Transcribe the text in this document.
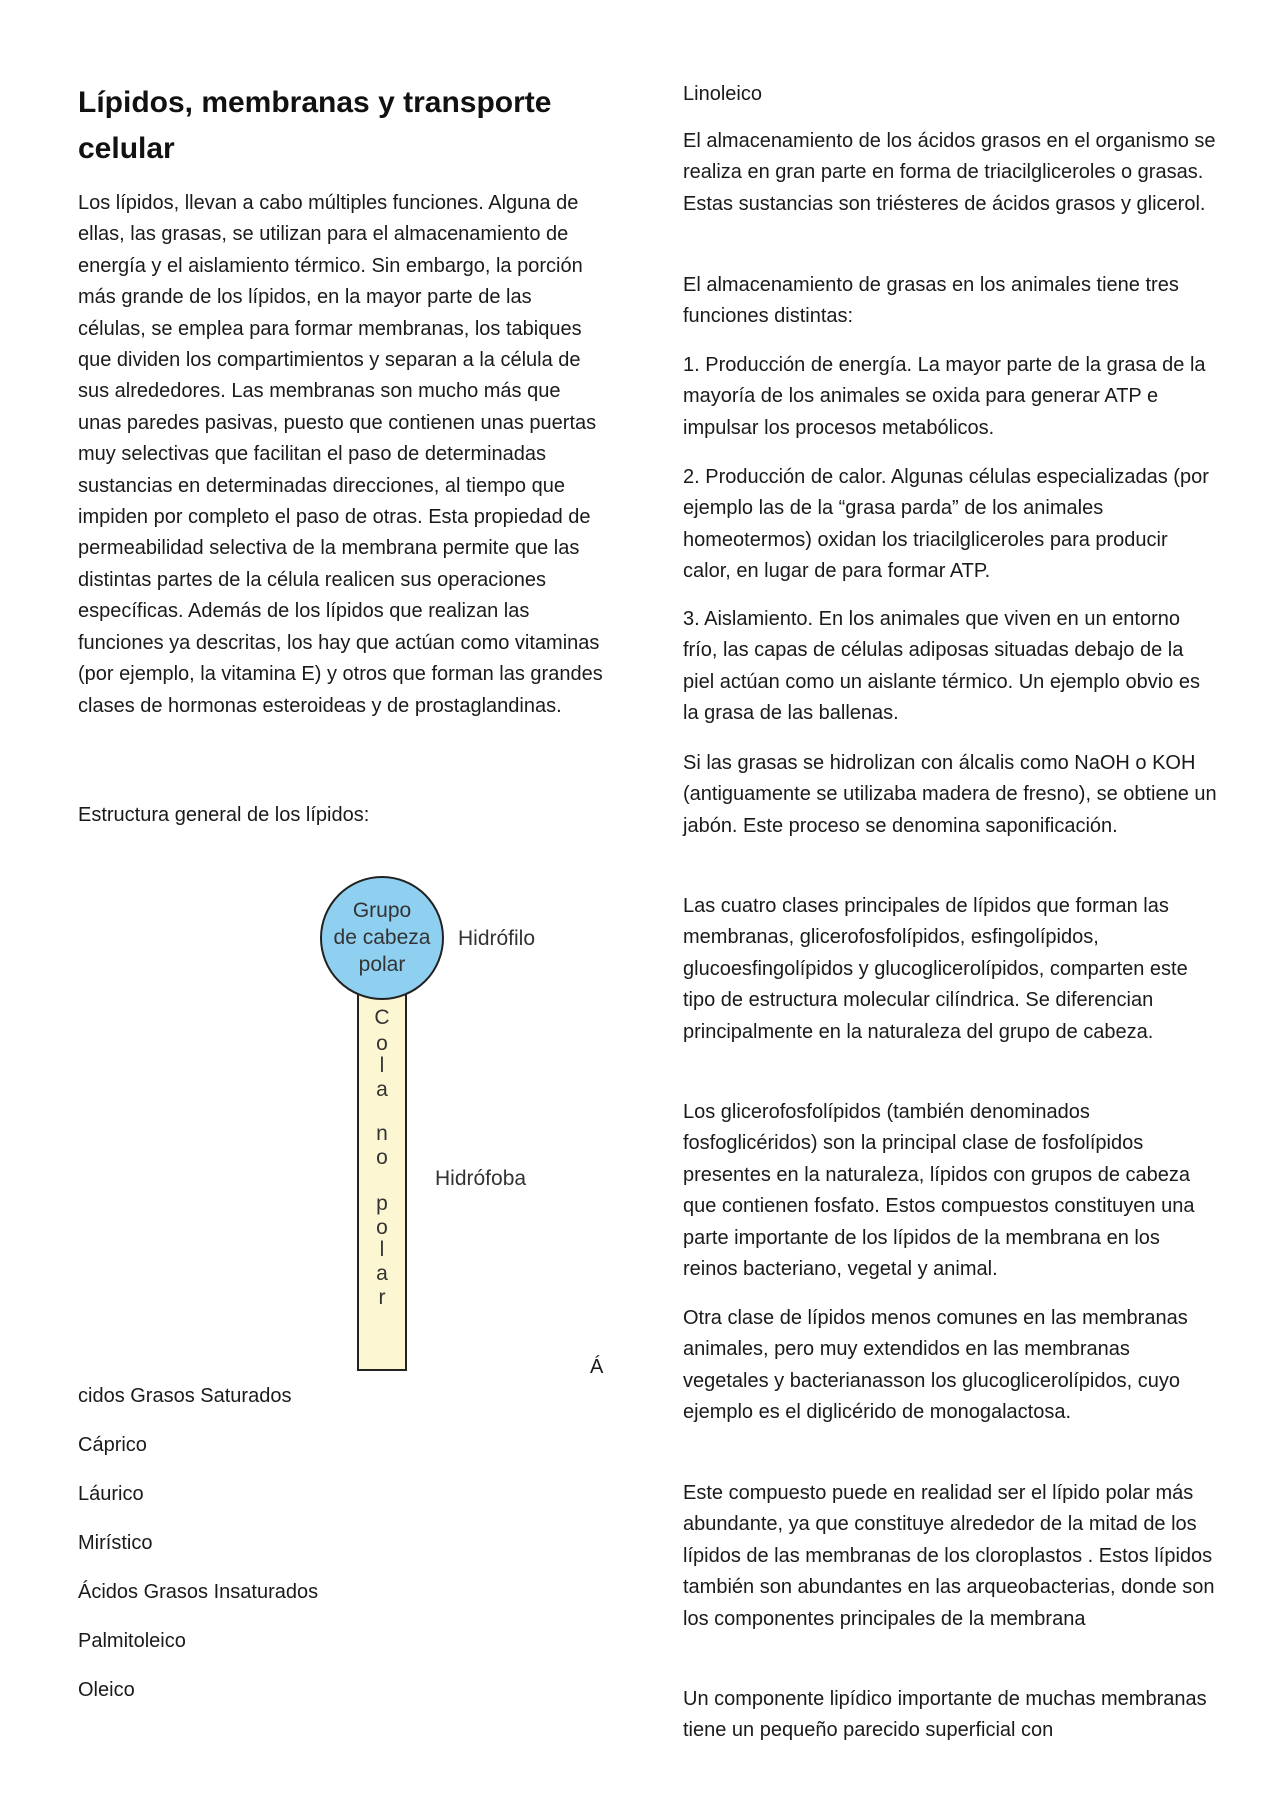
Lípidos, membranas y transporte celular

Los lípidos, llevan a cabo múltiples funciones. Alguna de ellas, las grasas, se utilizan para el almacenamiento de energía y el aislamiento térmico. Sin embargo, la porción más grande de los lípidos, en la mayor parte de las células, se emplea para formar membranas, los tabiques que dividen los compartimientos y separan a la célula de sus alrededores. Las membranas son mucho más que unas paredes pasivas, puesto que contienen unas puertas muy selectivas que facilitan el paso de determinadas sustancias en determinadas direcciones, al tiempo que impiden por completo el paso de otras. Esta propiedad de permeabilidad selectiva de la membrana permite que las distintas partes de la célula realicen sus operaciones específicas. Además de los lípidos que realizan las funciones ya descritas, los hay que actúan como vitaminas (por ejemplo, la vitamina E) y otros que forman las grandes clases de hormonas esteroideas y de prostaglandinas.

Estructura general de los lípidos:

Grupo
de cabeza
polar
Hidrófilo
Hidrófoba
C
o
l
a
n
o
p
o
l
a
r
Á

cidos Grasos Saturados

Cáprico

Láurico

Mirístico

Ácidos Grasos Insaturados

Palmitoleico

Oleico

Linoleico

El almacenamiento de los ácidos grasos en el organismo se realiza en gran parte en forma de triacilgliceroles o grasas. Estas sustancias son triésteres de ácidos grasos y glicerol.

El almacenamiento de grasas en los animales tiene tres funciones distintas:

1. Producción de energía. La mayor parte de la grasa de la mayoría de los animales se oxida para generar ATP e impulsar los procesos metabólicos.

2. Producción de calor. Algunas células especializadas (por ejemplo las de la “grasa parda” de los animales homeotermos) oxidan los triacilgliceroles para producir calor, en lugar de para formar ATP.

3. Aislamiento. En los animales que viven en un entorno frío, las capas de células adiposas situadas debajo de la piel actúan como un aislante térmico. Un ejemplo obvio es la grasa de las ballenas.

Si las grasas se hidrolizan con álcalis como NaOH o KOH (antiguamente se utilizaba madera de fresno), se obtiene un jabón. Este proceso se denomina saponificación.

Las cuatro clases principales de lípidos que forman las membranas, glicerofosfolípidos, esfingolípidos, glucoesfingolípidos y glucoglicerolípidos, comparten este tipo de estructura molecular cilíndrica. Se diferencian principalmente en la naturaleza del grupo de cabeza.

Los glicerofosfolípidos (también denominados fosfoglicéridos) son la principal clase de fosfolípidos presentes en la naturaleza, lípidos con grupos de cabeza que contienen fosfato. Estos compuestos constituyen una parte importante de los lípidos de la membrana en los reinos bacteriano, vegetal y animal.

Otra clase de lípidos menos comunes en las membranas animales, pero muy extendidos en las membranas vegetales y bacterianasson los glucoglicerolípidos, cuyo ejemplo es el diglicérido de monogalactosa.

Este compuesto puede en realidad ser el lípido polar más abundante, ya que constituye alrededor de la mitad de los lípidos de las membranas de los cloroplastos . Estos lípidos también son abundantes en las arqueobacterias, donde son los componentes principales de la membrana

Un componente lipídico importante de muchas membranas tiene un pequeño parecido superficial con
